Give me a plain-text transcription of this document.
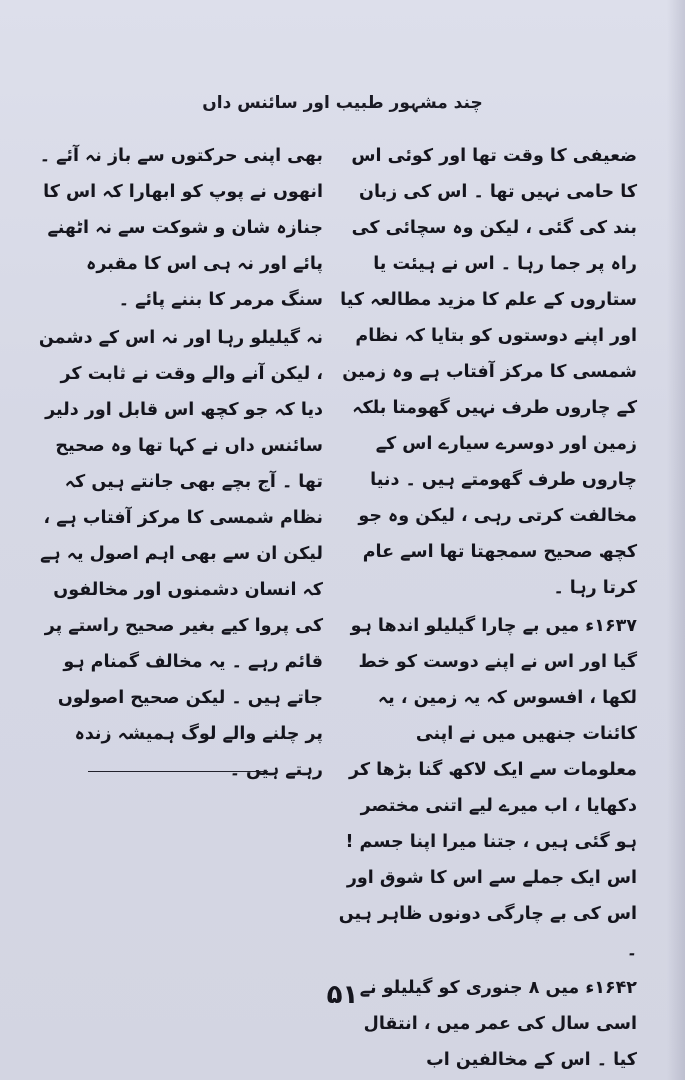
چند مشہور طبیب اور سائنس داں

ضعیفی کا وقت تھا اور کوئی اس کا حامی نہیں تھا ۔ اس کی زبان بند کی گئی ، لیکن وہ سچائی کی راہ پر جما رہا ۔ اس نے ہیئت یا ستاروں کے علم کا مزید مطالعہ کیا اور اپنے دوستوں کو بتایا کہ نظام شمسی کا مرکز آفتاب ہے وہ زمین کے چاروں طرف نہیں گھومتا بلکہ زمین اور دوسرے سیارے اس کے چاروں طرف گھومتے ہیں ۔ دنیا مخالفت کرتی رہی ، لیکن وہ جو کچھ صحیح سمجھتا تھا اسے عام کرتا رہا ۔

۱۶۳۷ء میں بے چارا گیلیلو اندھا ہو گیا اور اس نے اپنے دوست کو خط لکھا ، افسوس کہ یہ زمین ، یہ کائنات جنھیں میں نے اپنی معلومات سے ایک لاکھ گنا بڑھا کر دکھایا ، اب میرے لیے اتنی مختصر ہو گئی ہیں ، جتنا میرا اپنا جسم ! اس ایک جملے سے اس کا شوق اور اس کی بے چارگی دونوں ظاہر ہیں ۔

۱۶۴۲ء میں ۸ جنوری کو گیلیلو نے اسی سال کی عمر میں ، انتقال کیا ۔ اس کے مخالفین اب

بھی اپنی حرکتوں سے باز نہ آئے ۔ انھوں نے پوپ کو ابھارا کہ اس کا جنازہ شان و شوکت سے نہ اٹھنے پائے اور نہ ہی اس کا مقبرہ سنگ مرمر کا بننے پائے ۔

نہ گیلیلو رہا اور نہ اس کے دشمن ، لیکن آنے والے وقت نے ثابت کر دیا کہ جو کچھ اس قابل اور دلیر سائنس داں نے کہا تھا وہ صحیح تھا ۔ آج بچے بھی جانتے ہیں کہ نظام شمسی کا مرکز آفتاب ہے ، لیکن ان سے بھی اہم اصول یہ ہے کہ انسان دشمنوں اور مخالفوں کی پروا کیے بغیر صحیح راستے پر قائم رہے ۔ یہ مخالف گمنام ہو جاتے ہیں ۔ لیکن صحیح اصولوں پر چلنے والے لوگ ہمیشہ زندہ رہتے ہیں ۔

۵۱
